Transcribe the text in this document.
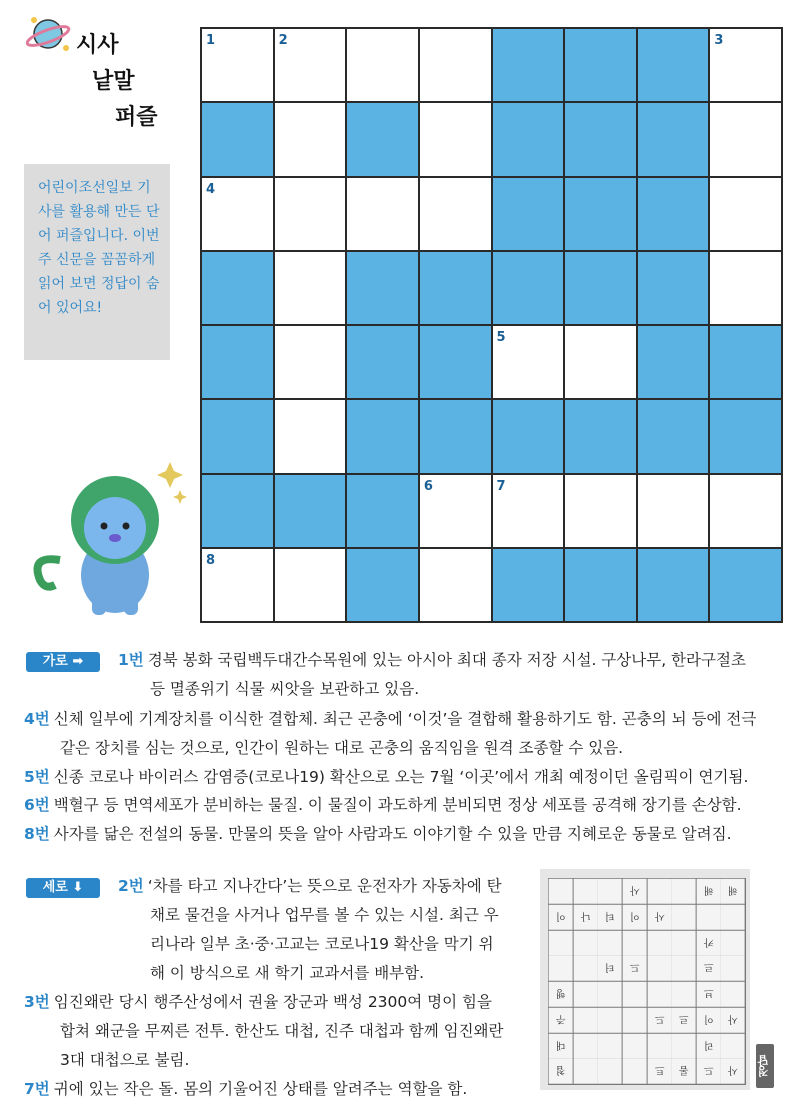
시사
낱말
퍼즐
어린이조선일보 기사를 활용해 만든 단어 퍼즐입니다. 이번 주 신문을 꼼꼼하게 읽어 보면 정답이 숨어 있어요!
1	2	3
4
5
6	7
8
가로 ➡	1번 경북 봉화 국립백두대간수목원에 있는 아시아 최대 종자 저장 시설. 구상나무, 한라구절초
등 멸종위기 식물 씨앗을 보관하고 있음.
4번 신체 일부에 기계장치를 이식한 결합체. 최근 곤충에 ‘이것’을 결합해 활용하기도 함. 곤충의 뇌 등에 전극
같은 장치를 심는 것으로, 인간이 원하는 대로 곤충의 움직임을 원격 조종할 수 있음.
5번 신종 코로나 바이러스 감염증(코로나19) 확산으로 오는 7월 ‘이곳’에서 개최 예정이던 올림픽이 연기됨.
6번 백혈구 등 면역세포가 분비하는 물질. 이 물질이 과도하게 분비되면 정상 세포를 공격해 장기를 손상함.
8번 사자를 닮은 전설의 동물. 만물의 뜻을 알아 사람과도 이야기할 수 있을 만큼 지혜로운 동물로 알려짐.
세로 ⬇	2번 ‘차를 타고 지나간다’는 뜻으로 운전자가 자동차에 탄
채로 물건을 사거나 업무를 볼 수 있는 시설. 최근 우
리나라 일부 초·중·고교는 코로나19 확산을 막기 위
해 이 방식으로 새 학기 교과서를 배부함.
3번 임진왜란 당시 행주산성에서 권율 장군과 백성 2300여 명이 힘을
합쳐 왜군을 무찌른 전투. 한산도 대첩, 진주 대첩과 함께 임진왜란
3대 대첩으로 불림.
7번 귀에 있는 작은 돌. 몸의 기울어진 상태를 알려주는 역할을 함.
사	해	해
이	나	티	이	사
카
터	드	르
행	브
주	드	르	이	사
대	리
첩	트	롬	드	사	정답
